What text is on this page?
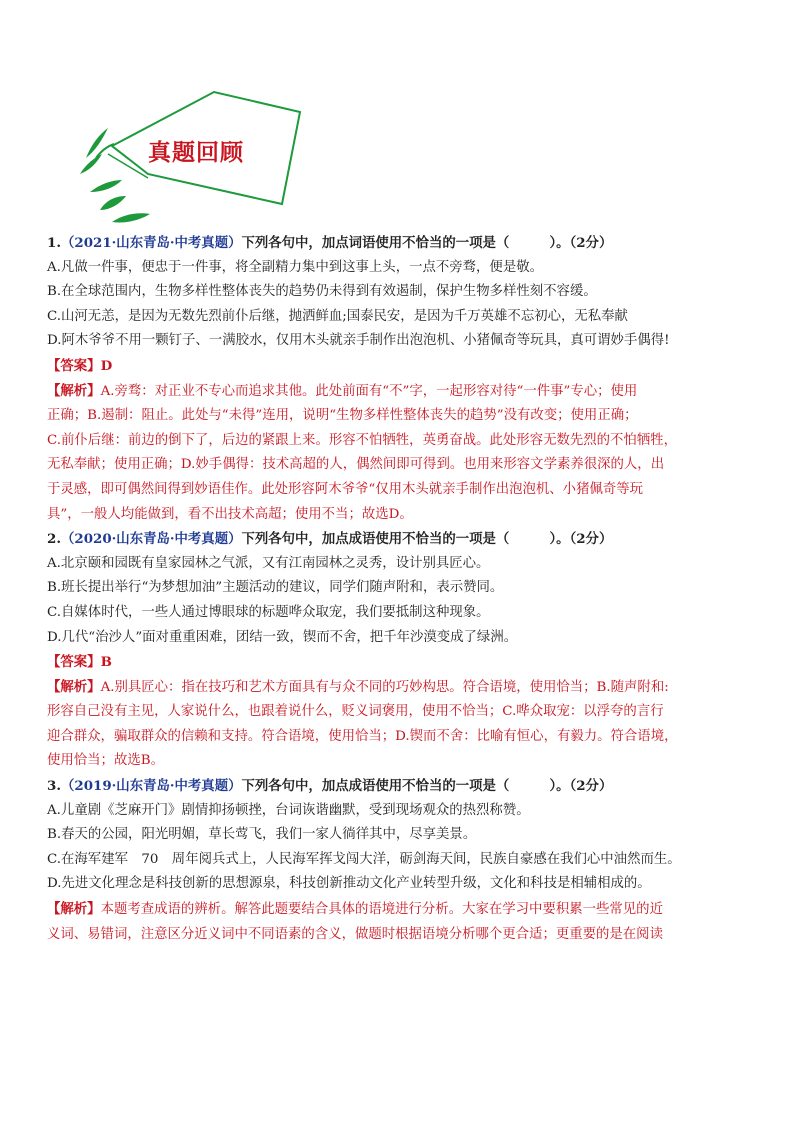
真题回顾
1.（2021·山东青岛·中考真题）下列各句中，加点词语使用不恰当的一项是（　　　）。（2分）
A.凡做一件事，便忠于一件事，将全副精力集中到这事上头，一点不旁骛，便是敬。
B.在全球范围内，生物多样性整体丧失的趋势仍未得到有效遏制，保护生物多样性刻不容缓。
C.山河无恙，是因为无数先烈前仆后继，抛洒鲜血;国泰民安，是因为千万英雄不忘初心，无私奉献
D.阿木爷爷不用一颗钉子、一满胶水，仅用木头就亲手制作出泡泡机、小猪佩奇等玩具，真可谓妙手偶得!
【答案】D
【解析】A.旁骛：对正业不专心而追求其他。此处前面有“不”字，一起形容对待“一件事”专心；使用
正确；B.遏制：阻止。此处与“未得”连用，说明“生物多样性整体丧失的趋势”没有改变；使用正确；
C.前仆后继：前边的倒下了，后边的紧跟上来。形容不怕牺牲，英勇奋战。此处形容无数先烈的不怕牺牲，
无私奉献；使用正确；D.妙手偶得：技术高超的人，偶然间即可得到。也用来形容文学素养很深的人，出
于灵感，即可偶然间得到妙语佳作。此处形容阿木爷爷“仅用木头就亲手制作出泡泡机、小猪佩奇等玩
具”，一般人均能做到，看不出技术高超；使用不当；故选D。
2.（2020·山东青岛·中考真题）下列各句中，加点成语使用不恰当的一项是（　　　）。（2分）
A.北京颐和园既有皇家园林之气派，又有江南园林之灵秀，设计别具匠心。
B.班长提出举行“为梦想加油”主题活动的建议，同学们随声附和，表示赞同。
C.自媒体时代，一些人通过博眼球的标题哗众取宠，我们要抵制这种现象。
D.几代“治沙人”面对重重困难，团结一致，锲而不舍，把千年沙漠变成了绿洲。
【答案】B
【解析】A.别具匠心：指在技巧和艺术方面具有与众不同的巧妙构思。符合语境，使用恰当；B.随声附和:
形容自己没有主见，人家说什么，也跟着说什么，贬义词褒用，使用不恰当；C.哗众取宠：以浮夸的言行
迎合群众，骗取群众的信赖和支持。符合语境，使用恰当；D.锲而不舍：比喻有恒心，有毅力。符合语境，
使用恰当；故选B。
3.（2019·山东青岛·中考真题）下列各句中，加点成语使用不恰当的一项是（　　　）。（2分）
A.儿童剧《芝麻开门》剧情抑扬顿挫，台词诙谐幽默，受到现场观众的热烈称赞。
B.春天的公园，阳光明媚，草长莺飞，我们一家人徜徉其中，尽享美景。
C.在海军建军　70　周年阅兵式上，人民海军挥戈闯大洋，砺剑海天间，民族自豪感在我们心中油然而生。
D.先进文化理念是科技创新的思想源泉，科技创新推动文化产业转型升级，文化和科技是相辅相成的。
【解析】本题考查成语的辨析。解答此题要结合具体的语境进行分析。大家在学习中要积累一些常见的近
义词、易错词，注意区分近义词中不同语素的含义，做题时根据语境分析哪个更合适；更重要的是在阅读
